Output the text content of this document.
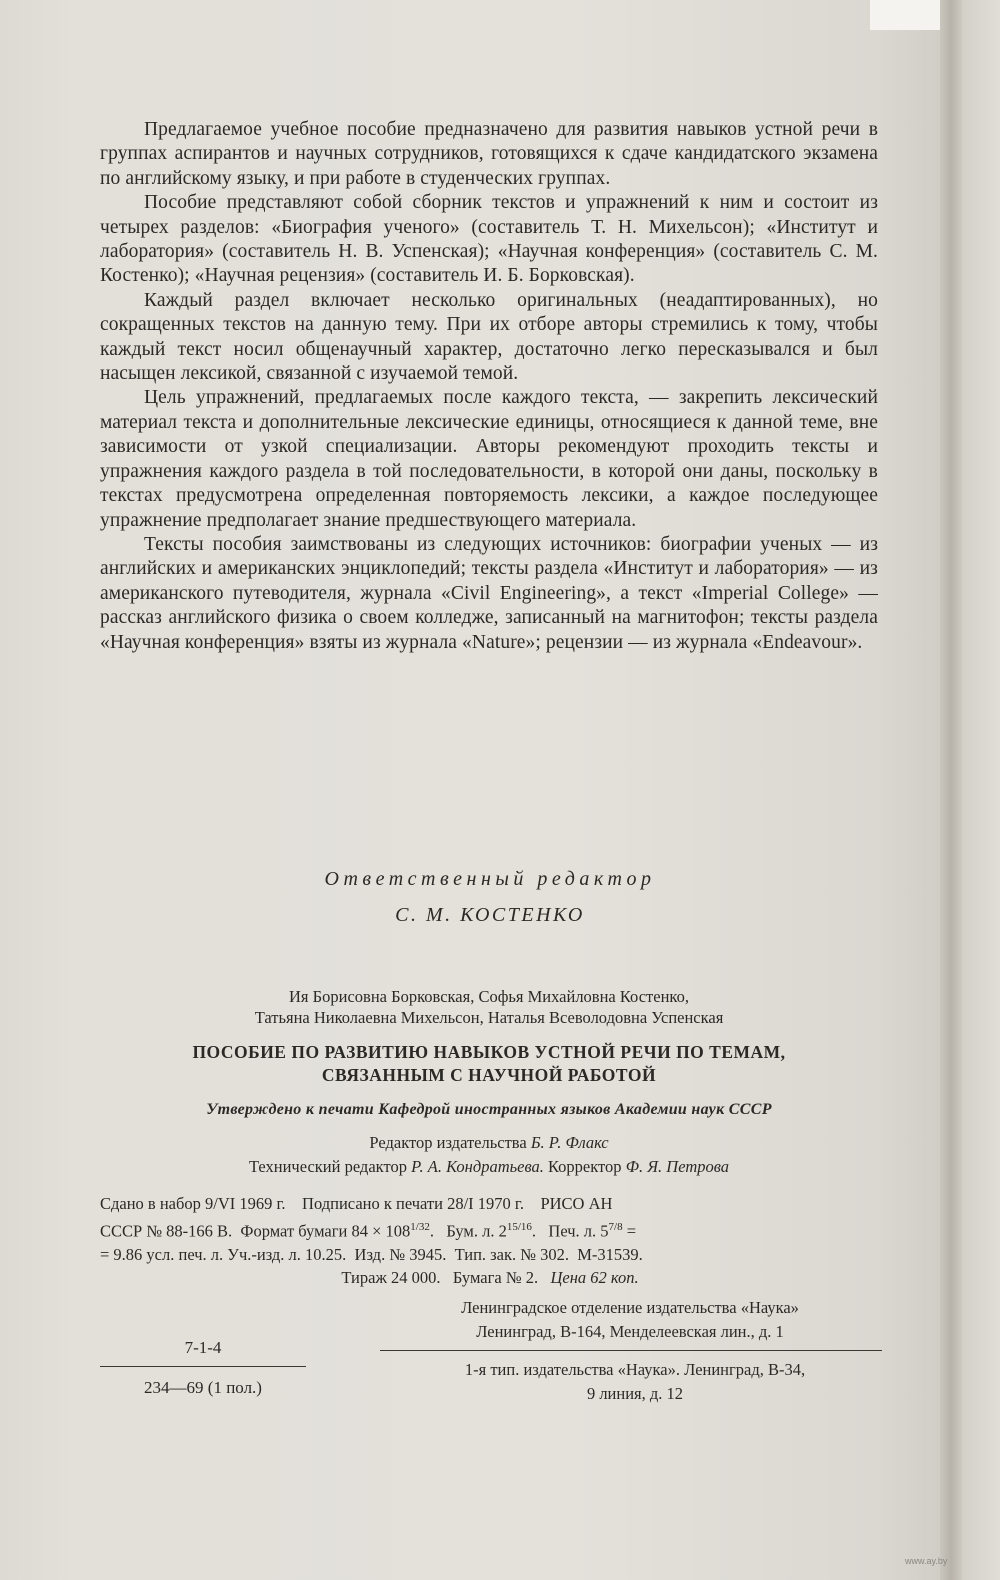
Предлагаемое учебное пособие предназначено для развития навыков устной речи в группах аспирантов и научных сотрудников, готовящихся к сдаче кандидатского экзамена по английскому языку, и при работе в студенческих группах.

Пособие представляют собой сборник текстов и упражнений к ним и состоит из четырех разделов: «Биография ученого» (составитель Т. Н. Михельсон); «Институт и лаборатория» (составитель Н. В. Успенская); «Научная конференция» (составитель С. М. Костенко); «Научная рецензия» (составитель И. Б. Борковская).

Каждый раздел включает несколько оригинальных (неадаптированных), но сокращенных текстов на данную тему. При их отборе авторы стремились к тому, чтобы каждый текст носил общенаучный характер, достаточно легко пересказывался и был насыщен лексикой, связанной с изучаемой темой.

Цель упражнений, предлагаемых после каждого текста, — закрепить лексический материал текста и дополнительные лексические единицы, относящиеся к данной теме, вне зависимости от узкой специализации. Авторы рекомендуют проходить тексты и упражнения каждого раздела в той последовательности, в которой они даны, поскольку в текстах предусмотрена определенная повторяемость лексики, а каждое последующее упражнение предполагает знание предшествующего материала.

Тексты пособия заимствованы из следующих источников: биографии ученых — из английских и американских энциклопедий; тексты раздела «Институт и лаборатория» — из американского путеводителя, журнала «Civil Engineering», а текст «Imperial College» — рассказ английского физика о своем колледже, записанный на магнитофон; тексты раздела «Научная конференция» взяты из журнала «Nature»; рецензии — из журнала «Endeavour».

Ответственный редактор
С. М. КОСТЕНКО
Ия Борисовна Борковская, Софья Михайловна Костенко,
Татьяна Николаевна Михельсон, Наталья Всеволодовна Успенская
ПОСОБИЕ ПО РАЗВИТИЮ НАВЫКОВ УСТНОЙ РЕЧИ ПО ТЕМАМ,
СВЯЗАННЫМ С НАУЧНОЙ РАБОТОЙ
Утверждено к печати Кафедрой иностранных языков Академии наук СССР
Редактор издательства Б. Р. Флакс
Технический редактор Р. А. Кондратьева. Корректор Ф. Я. Петрова

Сдано в набор 9/VI 1969 г.    Подписано к печати 28/I 1970 г.    РИСО АН

СССР № 88-166 В.  Формат бумаги $84 \times 108^{1/32}$.   Бум. л. $2^{15/16}$.   Печ. л. $5^{7/8}$ =

= 9.86 усл. печ. л. Уч.-изд. л. 10.25.  Изд. № 3945.  Тип. зак. № 302.  М-31539.

Тираж 24 000.   Бумага № 2. Цена 62 коп.

Ленинградское отделение издательства «Наука»
Ленинград, В-164, Менделеевская лин., д. 1
1-я тип. издательства «Наука». Ленинград, В-34,
9 линия, д. 12
7-1-4
234—69 (1 пол.)
www.ay.by
